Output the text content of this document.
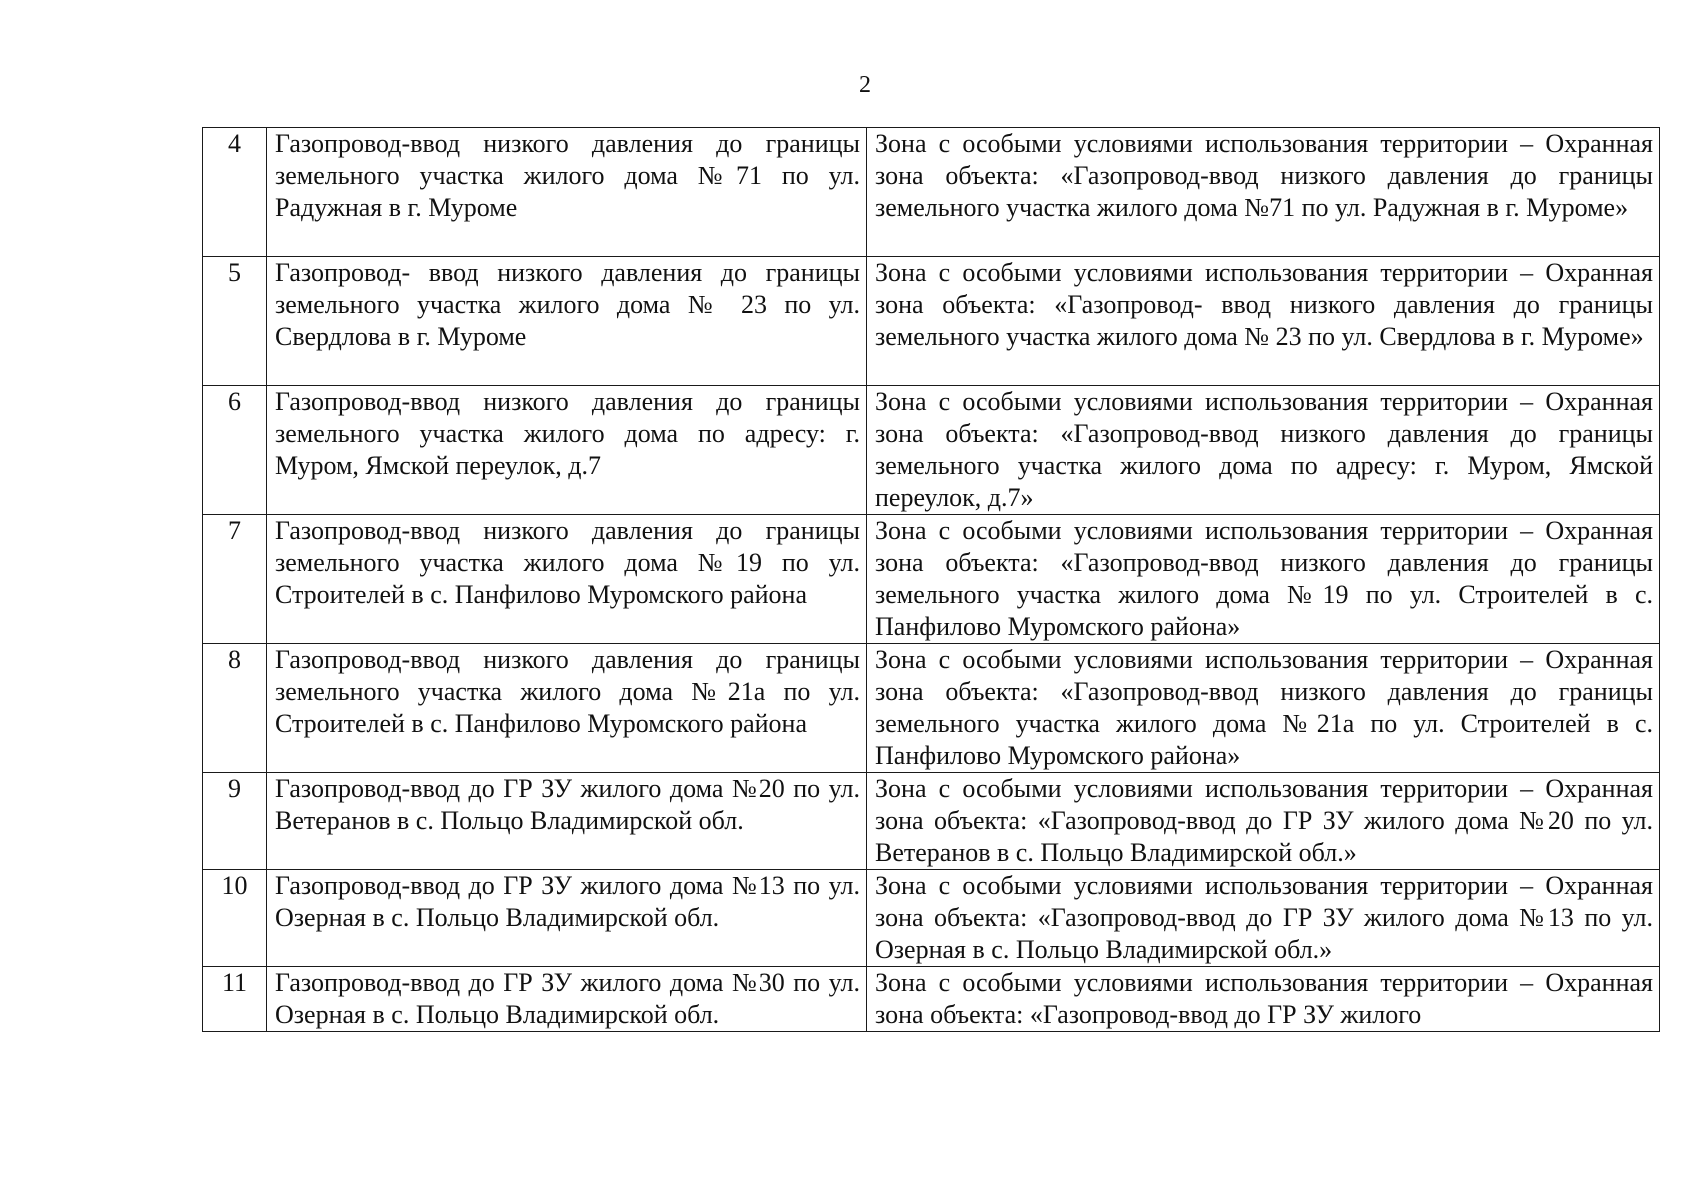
2
4	Газопровод-ввод низкого давления до границы земельного участка жилого дома №71 по ул. Радужная в г. Муроме	Зона с особыми условиями использования территории – Охранная зона объекта: «Газопровод-ввод низкого давления до границы земельного участка жилого дома №71 по ул. Радужная в г. Муроме»
5	Газопровод- ввод низкого давления до границы земельного участка жилого дома № 23 по ул. Свердлова в г. Муроме	Зона с особыми условиями использования территории – Охранная зона объекта: «Газопровод- ввод низкого давления до границы земельного участка жилого дома № 23 по ул. Свердлова в г. Муроме»
6	Газопровод-ввод низкого давления до границы земельного участка жилого дома по адресу: г. Муром, Ямской переулок, д.7	Зона с особыми условиями использования территории – Охранная зона объекта: «Газопровод-ввод низкого давления до границы земельного участка жилого дома по адресу: г. Муром, Ямской переулок, д.7»
7	Газопровод-ввод низкого давления до границы земельного участка жилого дома №19 по ул. Строителей в с. Панфилово Муромского района	Зона с особыми условиями использования территории – Охранная зона объекта: «Газопровод-ввод низкого давления до границы земельного участка жилого дома №19 по ул. Строителей в с. Панфилово Муромского района»
8	Газопровод-ввод низкого давления до границы земельного участка жилого дома №21а по ул. Строителей в с. Панфилово Муромского района	Зона с особыми условиями использования территории – Охранная зона объекта: «Газопровод-ввод низкого давления до границы земельного участка жилого дома №21а по ул. Строителей в с. Панфилово Муромского района»
9	Газопровод-ввод до ГР ЗУ жилого дома №20 по ул. Ветеранов в с. Польцо Владимирской обл.	Зона с особыми условиями использования территории – Охранная зона объекта: «Газопровод-ввод до ГР ЗУ жилого дома №20 по ул. Ветеранов в с. Польцо Владимирской обл.»
10	Газопровод-ввод до ГР ЗУ жилого дома №13 по ул. Озерная в с. Польцо Владимирской обл.	Зона с особыми условиями использования территории – Охранная зона объекта: «Газопровод-ввод до ГР ЗУ жилого дома №13 по ул. Озерная в с. Польцо Владимирской обл.»
11	Газопровод-ввод до ГР ЗУ жилого дома №30 по ул. Озерная в с. Польцо Владимирской обл.	Зона с особыми условиями использования территории – Охранная зона объекта: «Газопровод-ввод до ГР ЗУ жилого
